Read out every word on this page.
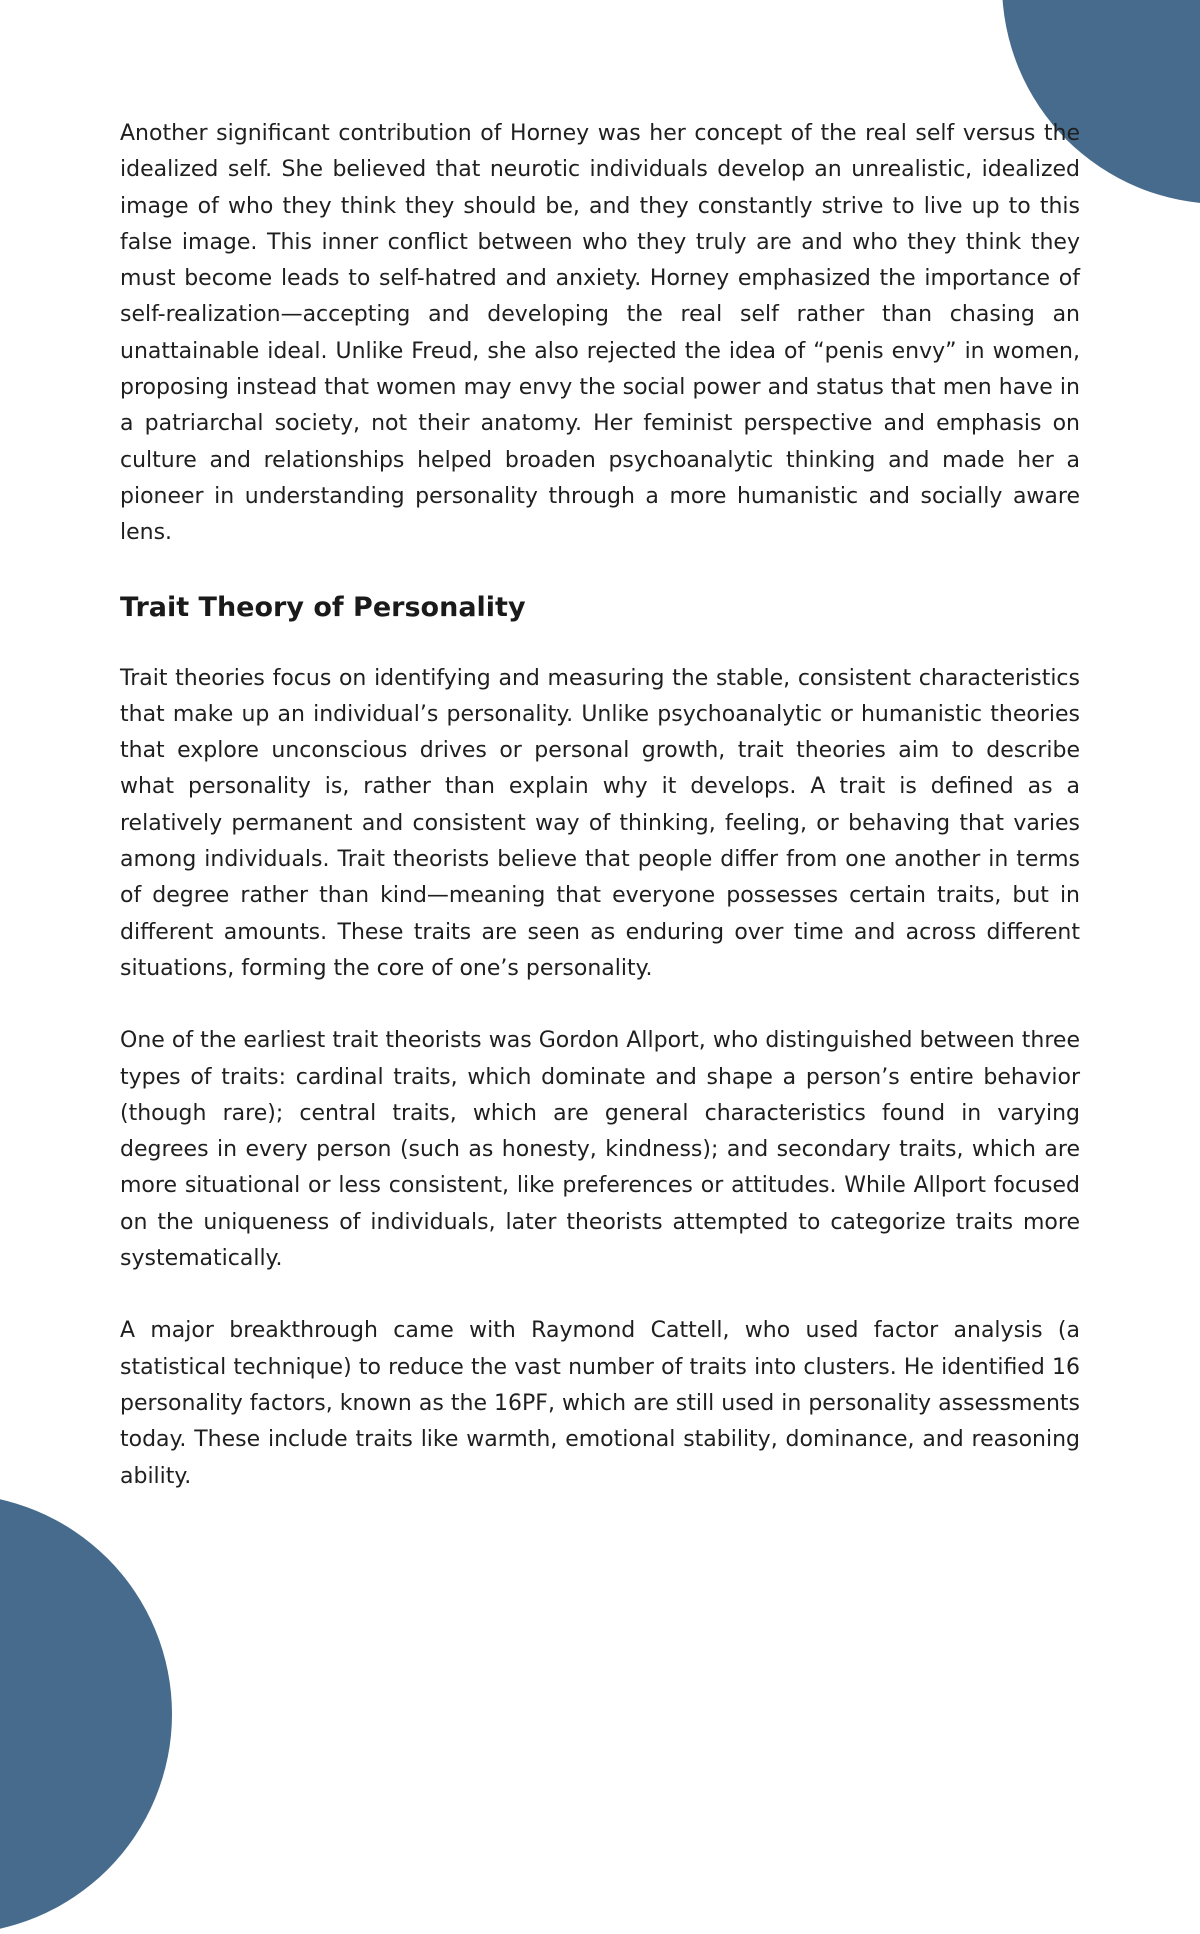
Another significant contribution of Horney was her concept of the real self versus the idealized self. She believed that neurotic individuals develop an unrealistic, idealized image of who they think they should be, and they constantly strive to live up to this false image. This inner conflict between who they truly are and who they think they must become leads to self-hatred and anxiety. Horney emphasized the importance of self-realization—accepting and developing the real self rather than chasing an unattainable ideal. Unlike Freud, she also rejected the idea of “penis envy” in women, proposing instead that women may envy the social power and status that men have in a patriarchal society, not their anatomy. Her feminist perspective and emphasis on culture and relationships helped broaden psychoanalytic thinking and made her a pioneer in understanding personality through a more humanistic and socially aware lens.

Trait Theory of Personality

Trait theories focus on identifying and measuring the stable, consistent characteristics that make up an individual’s personality. Unlike psychoanalytic or humanistic theories that explore unconscious drives or personal growth, trait theories aim to describe what personality is, rather than explain why it develops. A trait is defined as a relatively permanent and consistent way of thinking, feeling, or behaving that varies among individuals. Trait theorists believe that people differ from one another in terms of degree rather than kind—meaning that everyone possesses certain traits, but in different amounts. These traits are seen as enduring over time and across different situations, forming the core of one’s personality.

One of the earliest trait theorists was Gordon Allport, who distinguished between three types of traits: cardinal traits, which dominate and shape a person’s entire behavior (though rare); central traits, which are general characteristics found in varying degrees in every person (such as honesty, kindness); and secondary traits, which are more situational or less consistent, like preferences or attitudes. While Allport focused on the uniqueness of individuals, later theorists attempted to categorize traits more systematically.

A major breakthrough came with Raymond Cattell, who used factor analysis (a statistical technique) to reduce the vast number of traits into clusters. He identified 16 personality factors, known as the 16PF, which are still used in personality assessments today. These include traits like warmth, emotional stability, dominance, and reasoning ability.
